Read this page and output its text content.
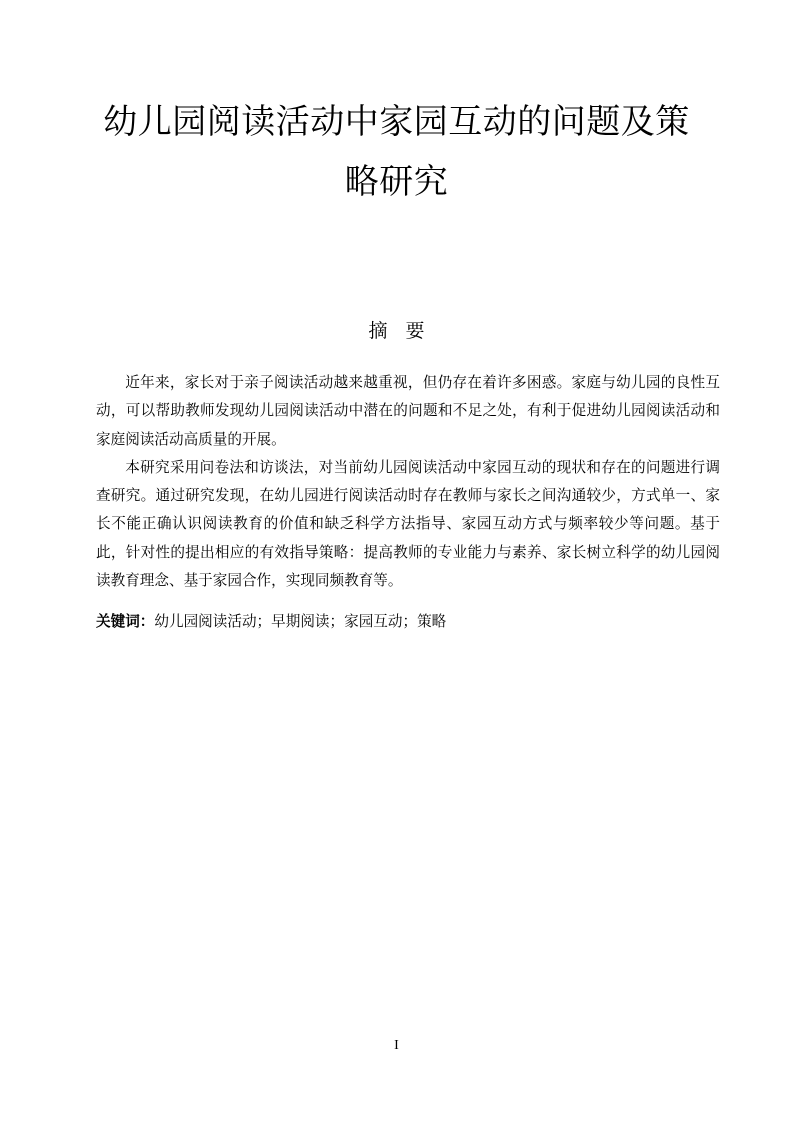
幼儿园阅读活动中家园互动的问题及策
略研究
摘要

近年来，家长对于亲子阅读活动越来越重视，但仍存在着许多困惑。家庭与幼儿园的良性互动，可以帮助教师发现幼儿园阅读活动中潜在的问题和不足之处，有利于促进幼儿园阅读活动和家庭阅读活动高质量的开展。

本研究采用问卷法和访谈法，对当前幼儿园阅读活动中家园互动的现状和存在的问题进行调查研究。通过研究发现，在幼儿园进行阅读活动时存在教师与家长之间沟通较少，方式单一、家长不能正确认识阅读教育的价值和缺乏科学方法指导、家园互动方式与频率较少等问题。基于此，针对性的提出相应的有效指导策略：提高教师的专业能力与素养、家长树立科学的幼儿园阅读教育理念、基于家园合作，实现同频教育等。

关键词：幼儿园阅读活动；早期阅读；家园互动；策略

I
